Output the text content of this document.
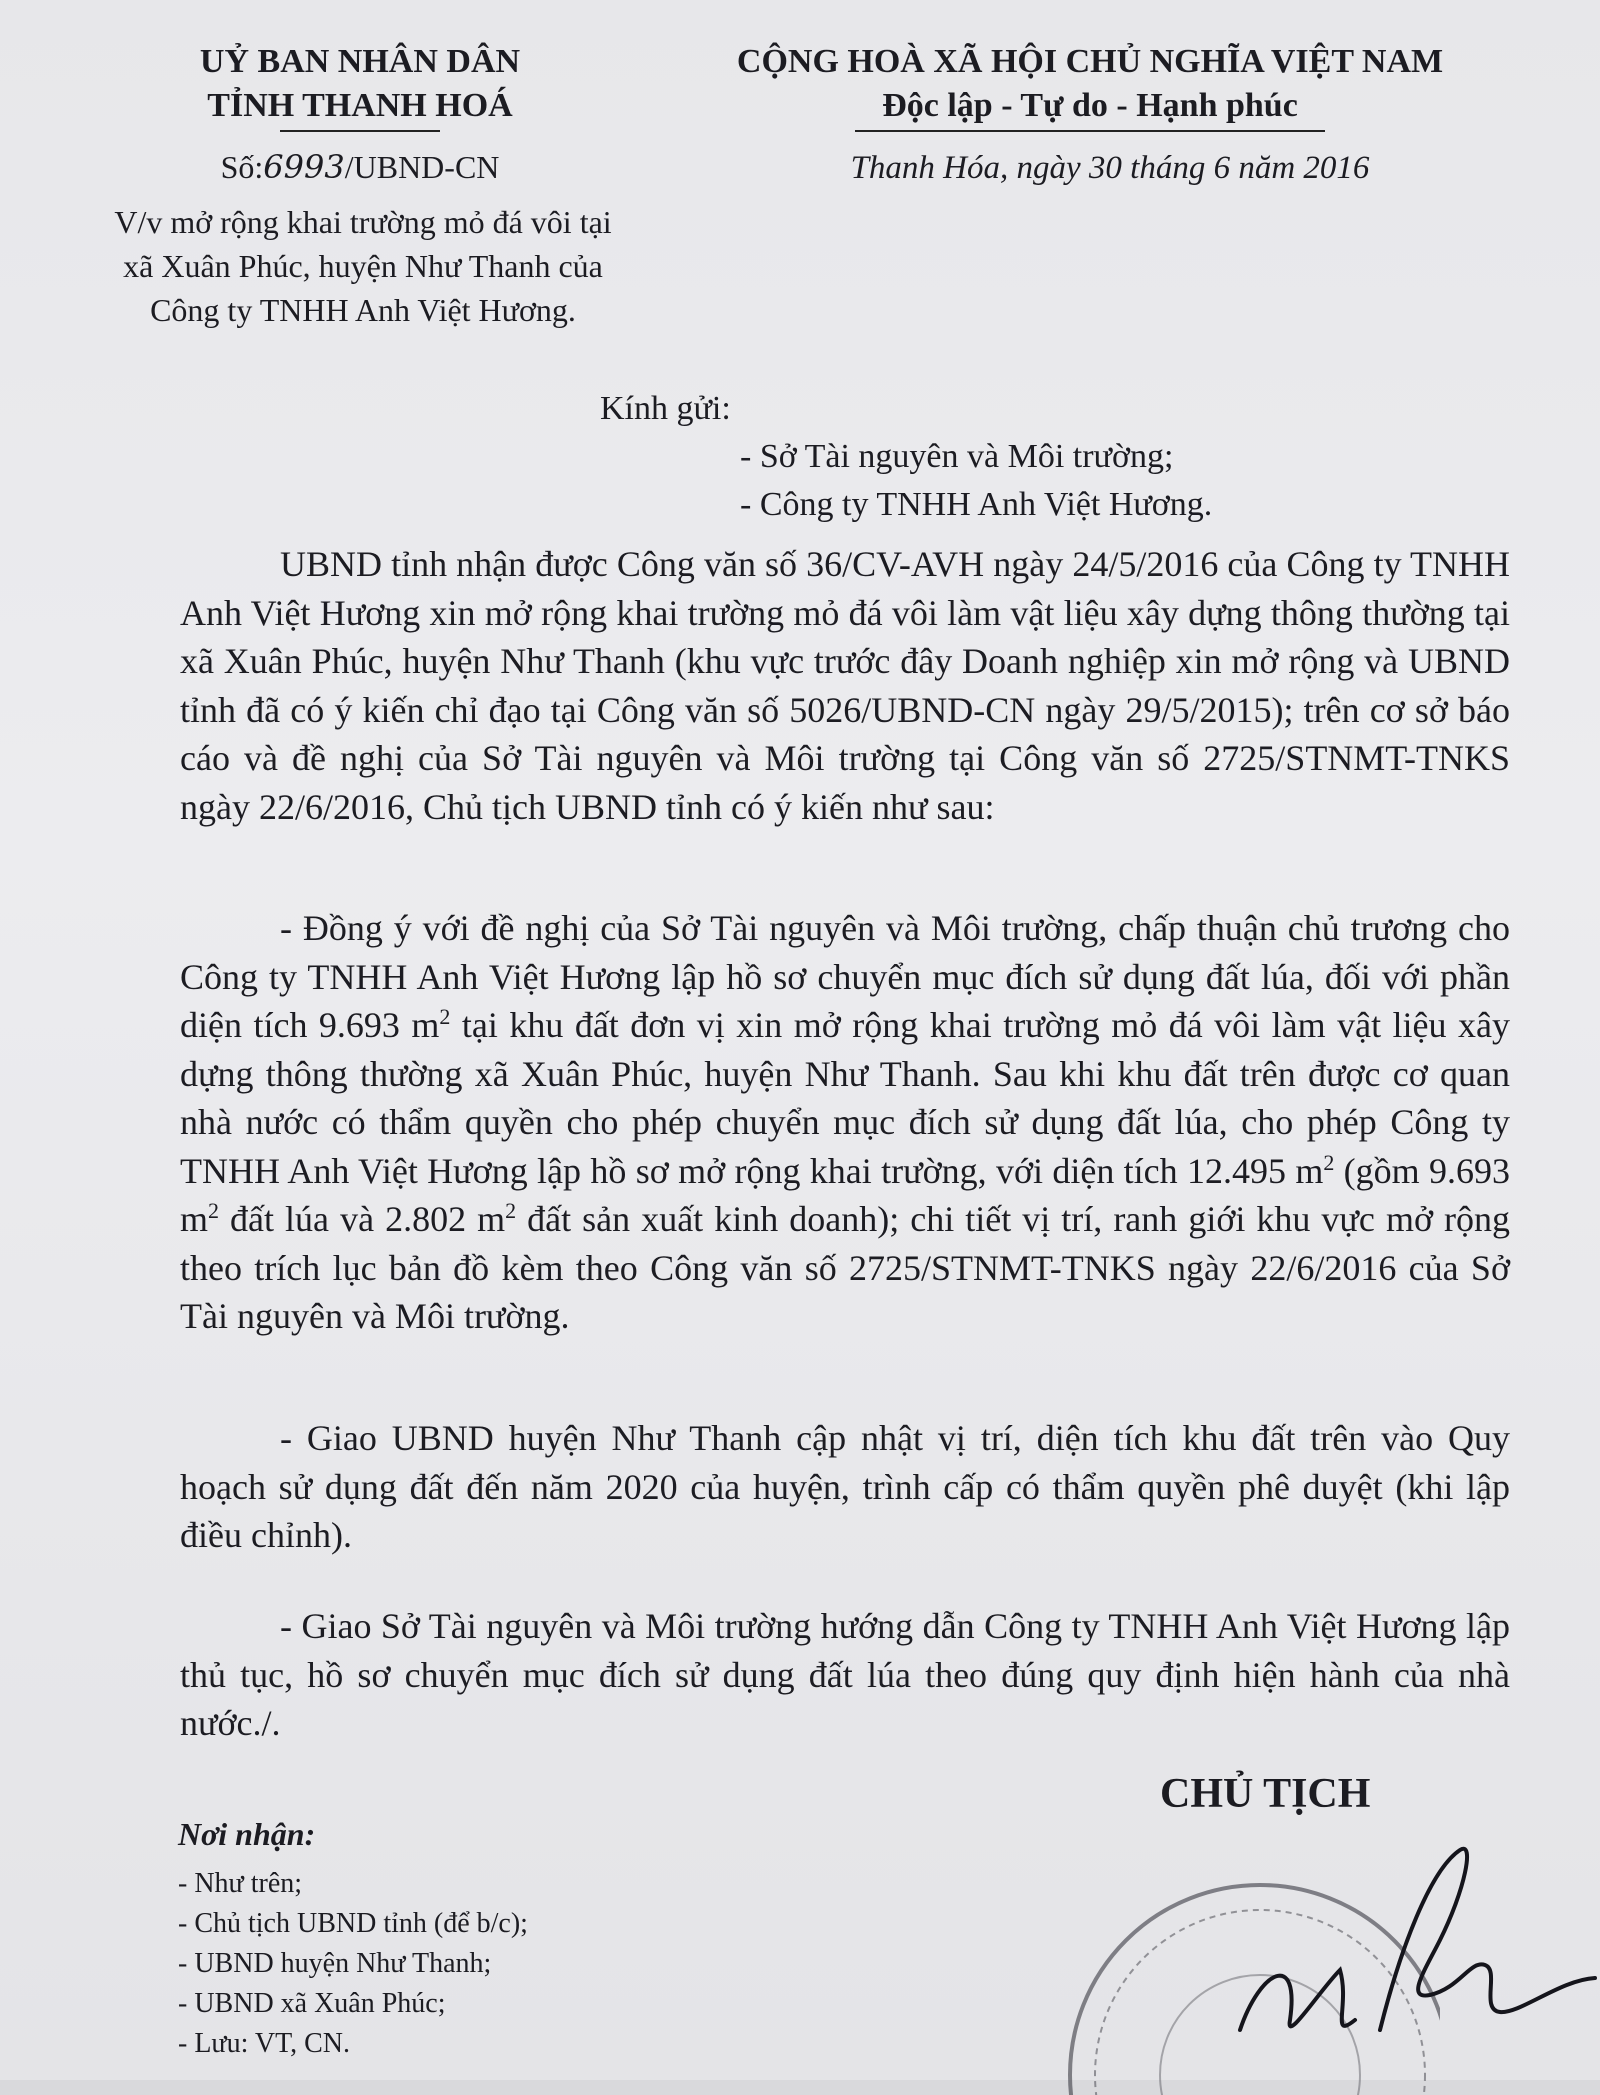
UỶ BAN NHÂN DÂN
TỈNH THANH HOÁ
CỘNG HOÀ XÃ HỘI CHỦ NGHĨA VIỆT NAM
Độc lập - Tự do - Hạnh phúc
Số:6993/UBND-CN	Thanh Hóa, ngày 30 tháng 6 năm 2016
V/v mở rộng khai trường mỏ đá vôi tại xã Xuân Phúc, huyện Như Thanh của Công ty TNHH Anh Việt Hương.
Kính gửi:
- Sở Tài nguyên và Môi trường;
- Công ty TNHH Anh Việt Hương.
UBND tỉnh nhận được Công văn số 36/CV-AVH ngày 24/5/2016 của Công ty TNHH Anh Việt Hương xin mở rộng khai trường mỏ đá vôi làm vật liệu xây dựng thông thường tại xã Xuân Phúc, huyện Như Thanh (khu vực trước đây Doanh nghiệp xin mở rộng và UBND tỉnh đã có ý kiến chỉ đạo tại Công văn số 5026/UBND-CN ngày 29/5/2015); trên cơ sở báo cáo và đề nghị của Sở Tài nguyên và Môi trường tại Công văn số 2725/STNMT-TNKS ngày 22/6/2016, Chủ tịch UBND tỉnh có ý kiến như sau:
- Đồng ý với đề nghị của Sở Tài nguyên và Môi trường, chấp thuận chủ trương cho Công ty TNHH Anh Việt Hương lập hồ sơ chuyển mục đích sử dụng đất lúa, đối với phần diện tích 9.693 $m^2$ tại khu đất đơn vị xin mở rộng khai trường mỏ đá vôi làm vật liệu xây dựng thông thường xã Xuân Phúc, huyện Như Thanh. Sau khi khu đất trên được cơ quan nhà nước có thẩm quyền cho phép chuyển mục đích sử dụng đất lúa, cho phép Công ty TNHH Anh Việt Hương lập hồ sơ mở rộng khai trường, với diện tích 12.495 $m^2$ (gồm 9.693 $m^2$ đất lúa và 2.802 $m^2$ đất sản xuất kinh doanh); chi tiết vị trí, ranh giới khu vực mở rộng theo trích lục bản đồ kèm theo Công văn số 2725/STNMT-TNKS ngày 22/6/2016 của Sở Tài nguyên và Môi trường.
- Giao UBND huyện Như Thanh cập nhật vị trí, diện tích khu đất trên vào Quy hoạch sử dụng đất đến năm 2020 của huyện, trình cấp có thẩm quyền phê duyệt (khi lập điều chỉnh).
- Giao Sở Tài nguyên và Môi trường hướng dẫn Công ty TNHH Anh Việt Hương lập thủ tục, hồ sơ chuyển mục đích sử dụng đất lúa theo đúng quy định hiện hành của nhà nước./.
Nơi nhận:
- Như trên;
- Chủ tịch UBND tỉnh (để b/c);
- UBND huyện Như Thanh;
- UBND xã Xuân Phúc;
- Lưu: VT, CN.
CHỦ TỊCH
